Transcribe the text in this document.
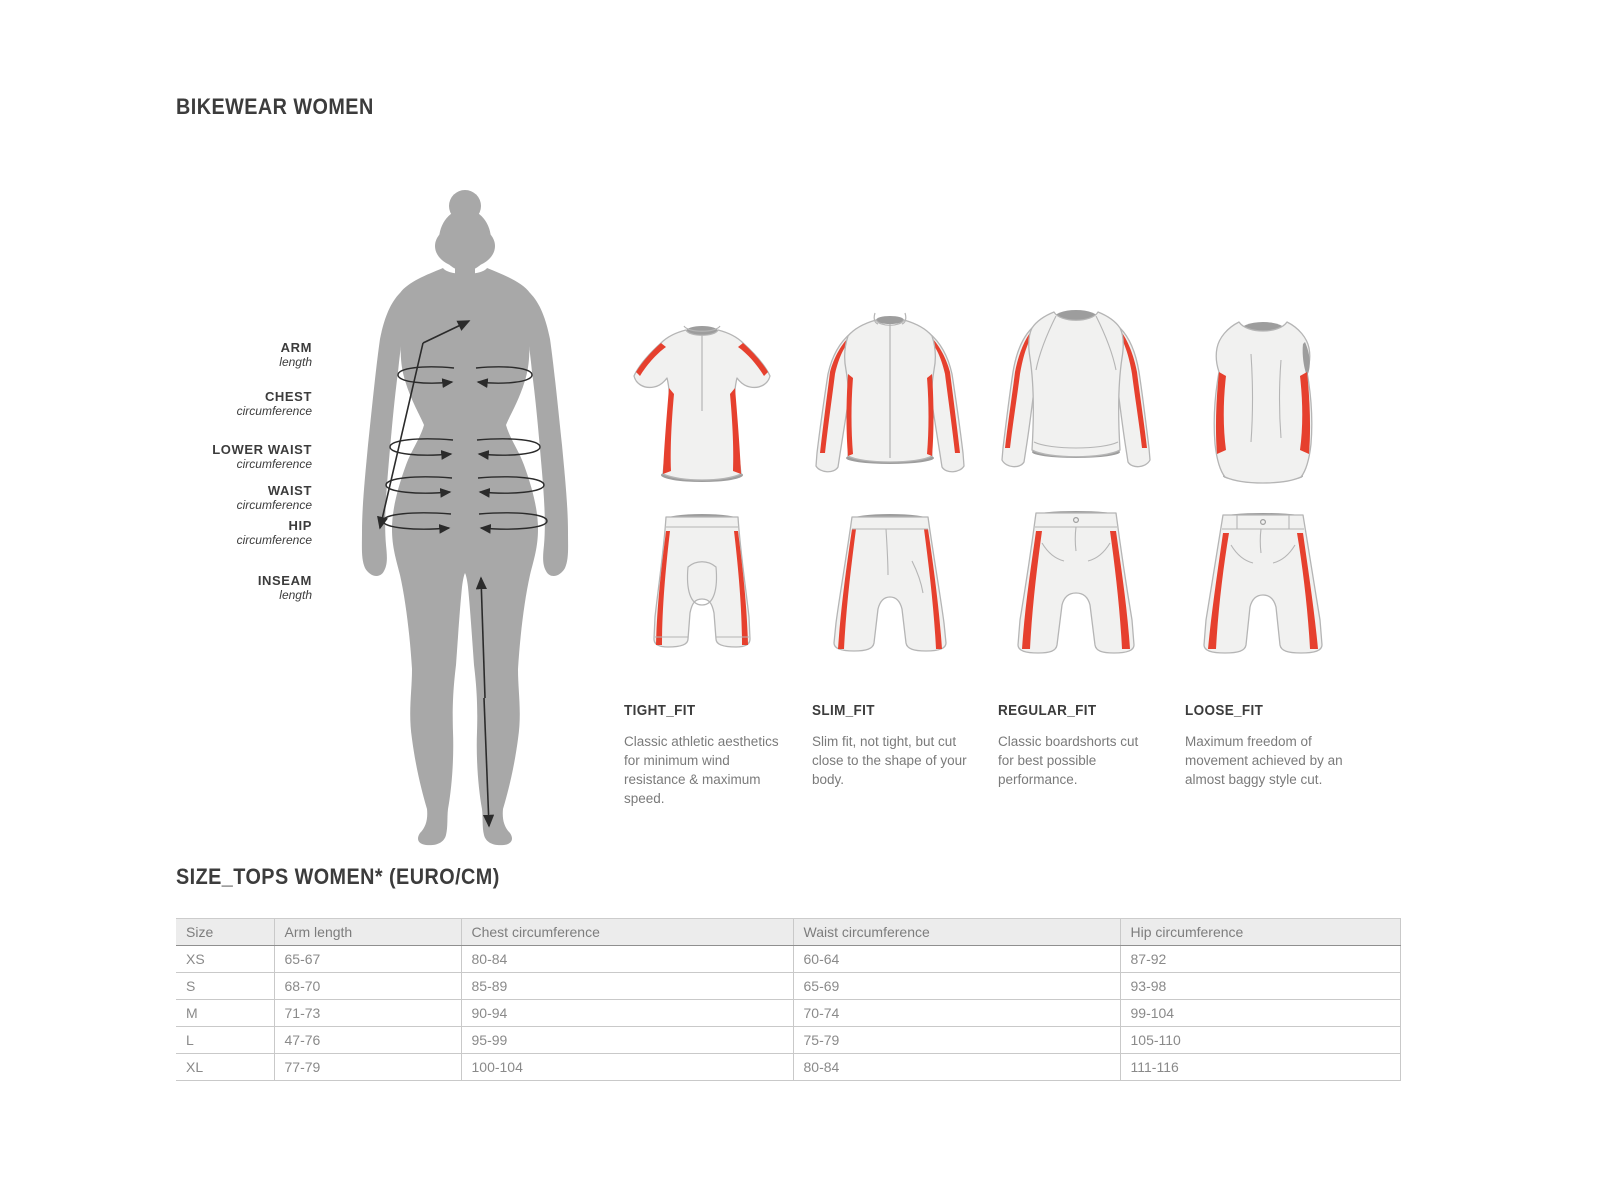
BIKEWEAR WOMEN
ARM
length
CHEST
circumference
LOWER WAIST
circumference
WAIST
circumference
HIP
circumference
INSEAM
length
TIGHT_FIT
Classic athletic aesthetics for minimum wind resistance & maximum speed.
SLIM_FIT
Slim fit, not tight, but cut close to the shape of your body.
REGULAR_FIT
Classic boardshorts cut for best possible performance.
LOOSE_FIT
Maximum freedom of movement achieved by an almost baggy style cut.
SIZE_TOPS WOMEN* (EURO/CM)
Size	Arm length	Chest circumference	Waist circumference	Hip circumference
XS	65-67	80-84	60-64	87-92
S	68-70	85-89	65-69	93-98
M	71-73	90-94	70-74	99-104
L	47-76	95-99	75-79	105-110
XL	77-79	100-104	80-84	111-116
